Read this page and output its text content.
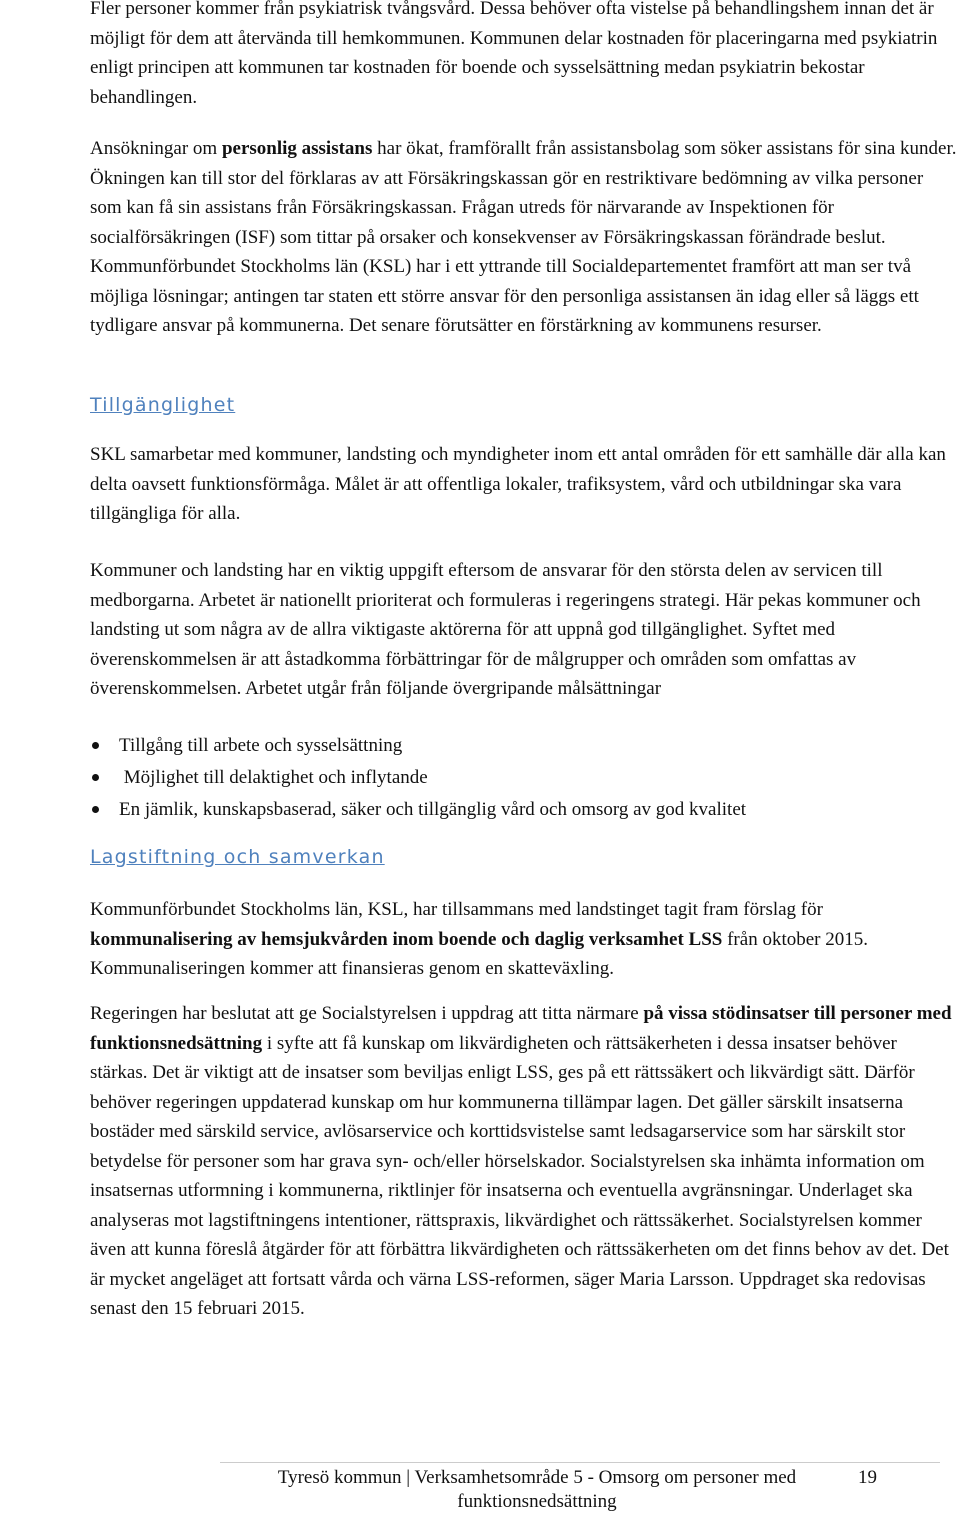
Fler personer kommer från psykiatrisk tvångsvård. Dessa behöver ofta vistelse på behandlingshem innan det är möjligt för dem att återvända till hemkommunen. Kommunen delar kostnaden för placeringarna med psykiatrin enligt principen att kommunen tar kostnaden för boende och sysselsättning medan psykiatrin bekostar behandlingen.

Ansökningar om personlig assistans har ökat, framförallt från assistansbolag som söker assistans för sina kunder. Ökningen kan till stor del förklaras av att Försäkringskassan gör en restriktivare bedömning av vilka personer som kan få sin assistans från Försäkringskassan. Frågan utreds för närvarande av Inspektionen för socialförsäkringen (ISF) som tittar på orsaker och konsekvenser av Försäkringskassan förändrade beslut. Kommunförbundet Stockholms län (KSL) har i ett yttrande till Socialdepartementet framfört att man ser två möjliga lösningar; antingen tar staten ett större ansvar för den personliga assistansen än idag eller så läggs ett tydligare ansvar på kommunerna. Det senare förutsätter en förstärkning av kommunens resurser.

Tillgänglighet

SKL samarbetar med kommuner, landsting och myndigheter inom ett antal områden för ett samhälle där alla kan delta oavsett funktionsförmåga. Målet är att offentliga lokaler, trafiksystem, vård och utbildningar ska vara tillgängliga för alla.

Kommuner och landsting har en viktig uppgift eftersom de ansvarar för den största delen av servicen till medborgarna. Arbetet är nationellt prioriterat och formuleras i regeringens strategi. Här pekas kommuner och landsting ut som några av de allra viktigaste aktörerna för att uppnå god tillgänglighet. Syftet med överenskommelsen är att åstadkomma förbättringar för de målgrupper och områden som omfattas av överenskommelsen. Arbetet utgår från följande övergripande målsättningar

Tillgång till arbete och sysselsättning
Möjlighet till delaktighet och inflytande
En jämlik, kunskapsbaserad, säker och tillgänglig vård och omsorg av god kvalitet
Lagstiftning och samverkan

Kommunförbundet Stockholms län, KSL, har tillsammans med landstinget tagit fram förslag för kommunalisering av hemsjukvården inom boende och daglig verksamhet LSS från oktober 2015. Kommunaliseringen kommer att finansieras genom en skatteväxling.

Regeringen har beslutat att ge Socialstyrelsen i uppdrag att titta närmare på vissa stödinsatser till personer med funktionsnedsättning i syfte att få kunskap om likvärdigheten och rättsäkerheten i dessa insatser behöver stärkas. Det är viktigt att de insatser som beviljas enligt LSS, ges på ett rättssäkert och likvärdigt sätt. Därför behöver regeringen uppdaterad kunskap om hur kommunerna tillämpar lagen. Det gäller särskilt insatserna bostäder med särskild service, avlösarservice och korttidsvistelse samt ledsagarservice som har särskilt stor betydelse för personer som har grava syn- och/eller hörselskador. Socialstyrelsen ska inhämta information om insatsernas utformning i kommunerna, riktlinjer för insatserna och eventuella avgränsningar. Underlaget ska analyseras mot lagstiftningens intentioner, rättspraxis, likvärdighet och rättssäkerhet. Socialstyrelsen kommer även att kunna föreslå åtgärder för att förbättra likvärdigheten och rättssäkerheten om det finns behov av det. Det är mycket angeläget att fortsatt vårda och värna LSS-reformen, säger Maria Larsson. Uppdraget ska redovisas senast den 15 februari 2015.

Tyresö kommun | Verksamhetsområde 5 - Omsorg om personer med funktionsnedsättning
19
